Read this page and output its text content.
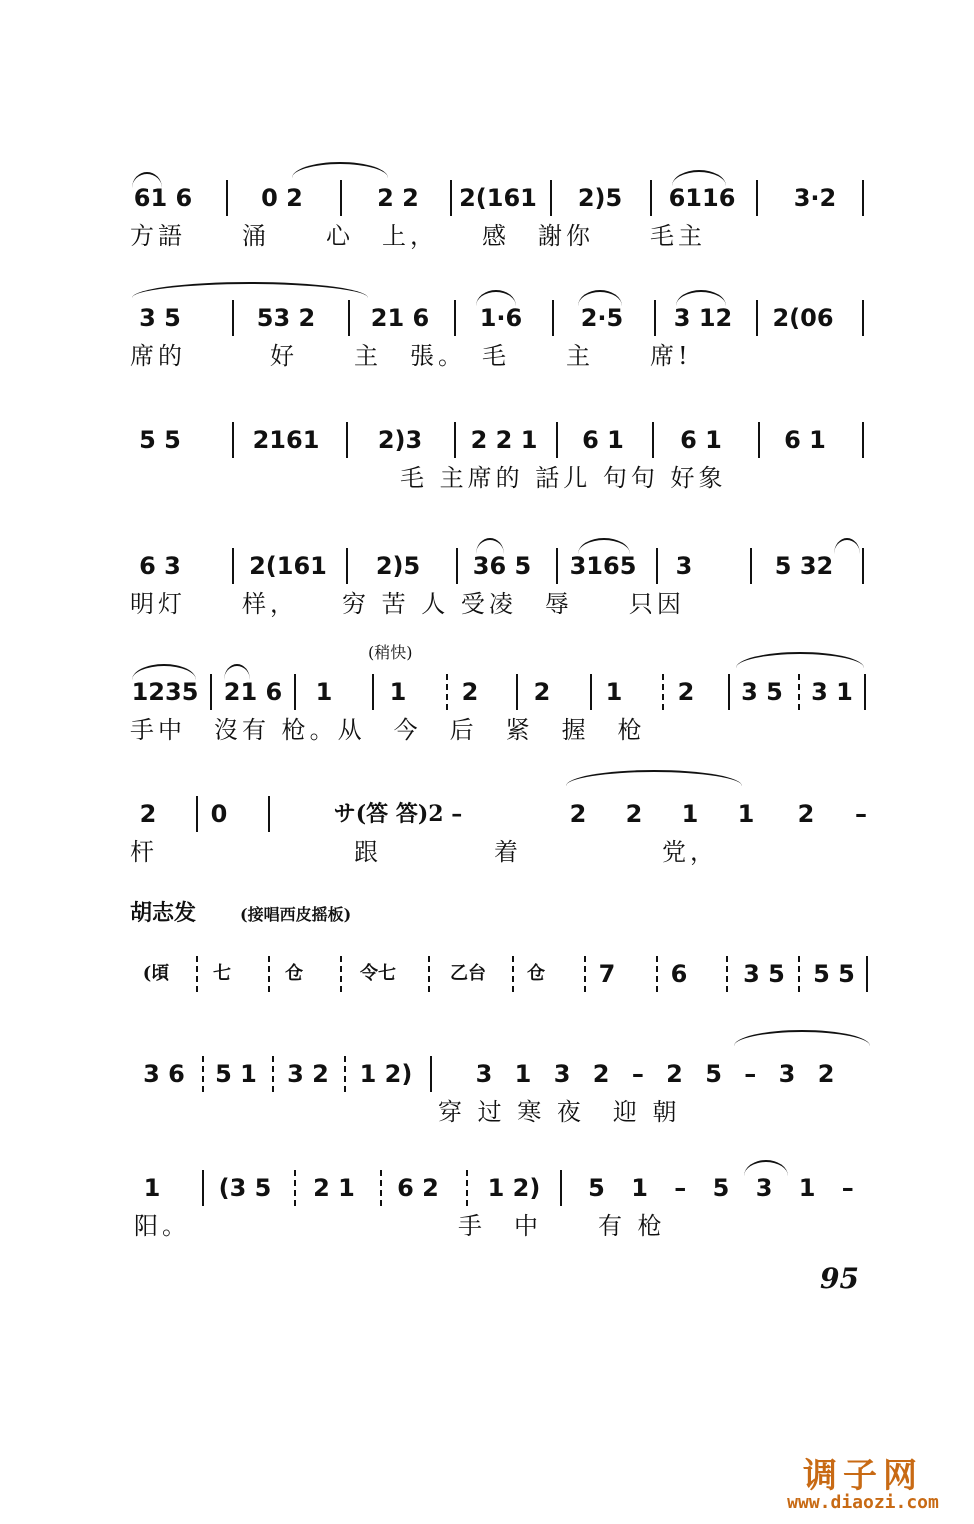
61 6	0 2	2 2	2(161	2)5	6116	3·2
方語　　涌　　心　上，　　感　謝你　　毛主
3 5	53 2	21 6	1·6	2·5	3 12	2(06
席的　　　好　　主　張。　毛　　主　　席!
5 5	2161	2)3	2 2 1	6 1	6 1	6 1
毛 主席的 話儿 句句 好象
6 3	2(161	2)5	36 5 3165	3	5 32
明灯　　样，　　穷 苦 人 受凌　辱　　只因
(稍快)
1235 21 6	1	1	2	2	1	2	3 5 3 1
手中　沒有 枪。从　今　后　紧　握　枪
2	0	サ(答 答)2 –	2	2	1	1	2	–
杆　　　　　　　跟　　　　着　　　　　党，
胡志发	(接唱西皮摇板)
(頃	七	仓	令七	乙台	仓	7 6	3 5	5 5
3 6	5 1	3 2	1 2)	3 1 3 2 – 2 5 – 3 2
穿 过 寒 夜　迎 朝
1	(3 5	2 1	6 2	1 2)	5 1 – 5 3 1 –
阳。　　　　　　　　　　手　中　　有 枪
95
调子网
www.diaozi.com
